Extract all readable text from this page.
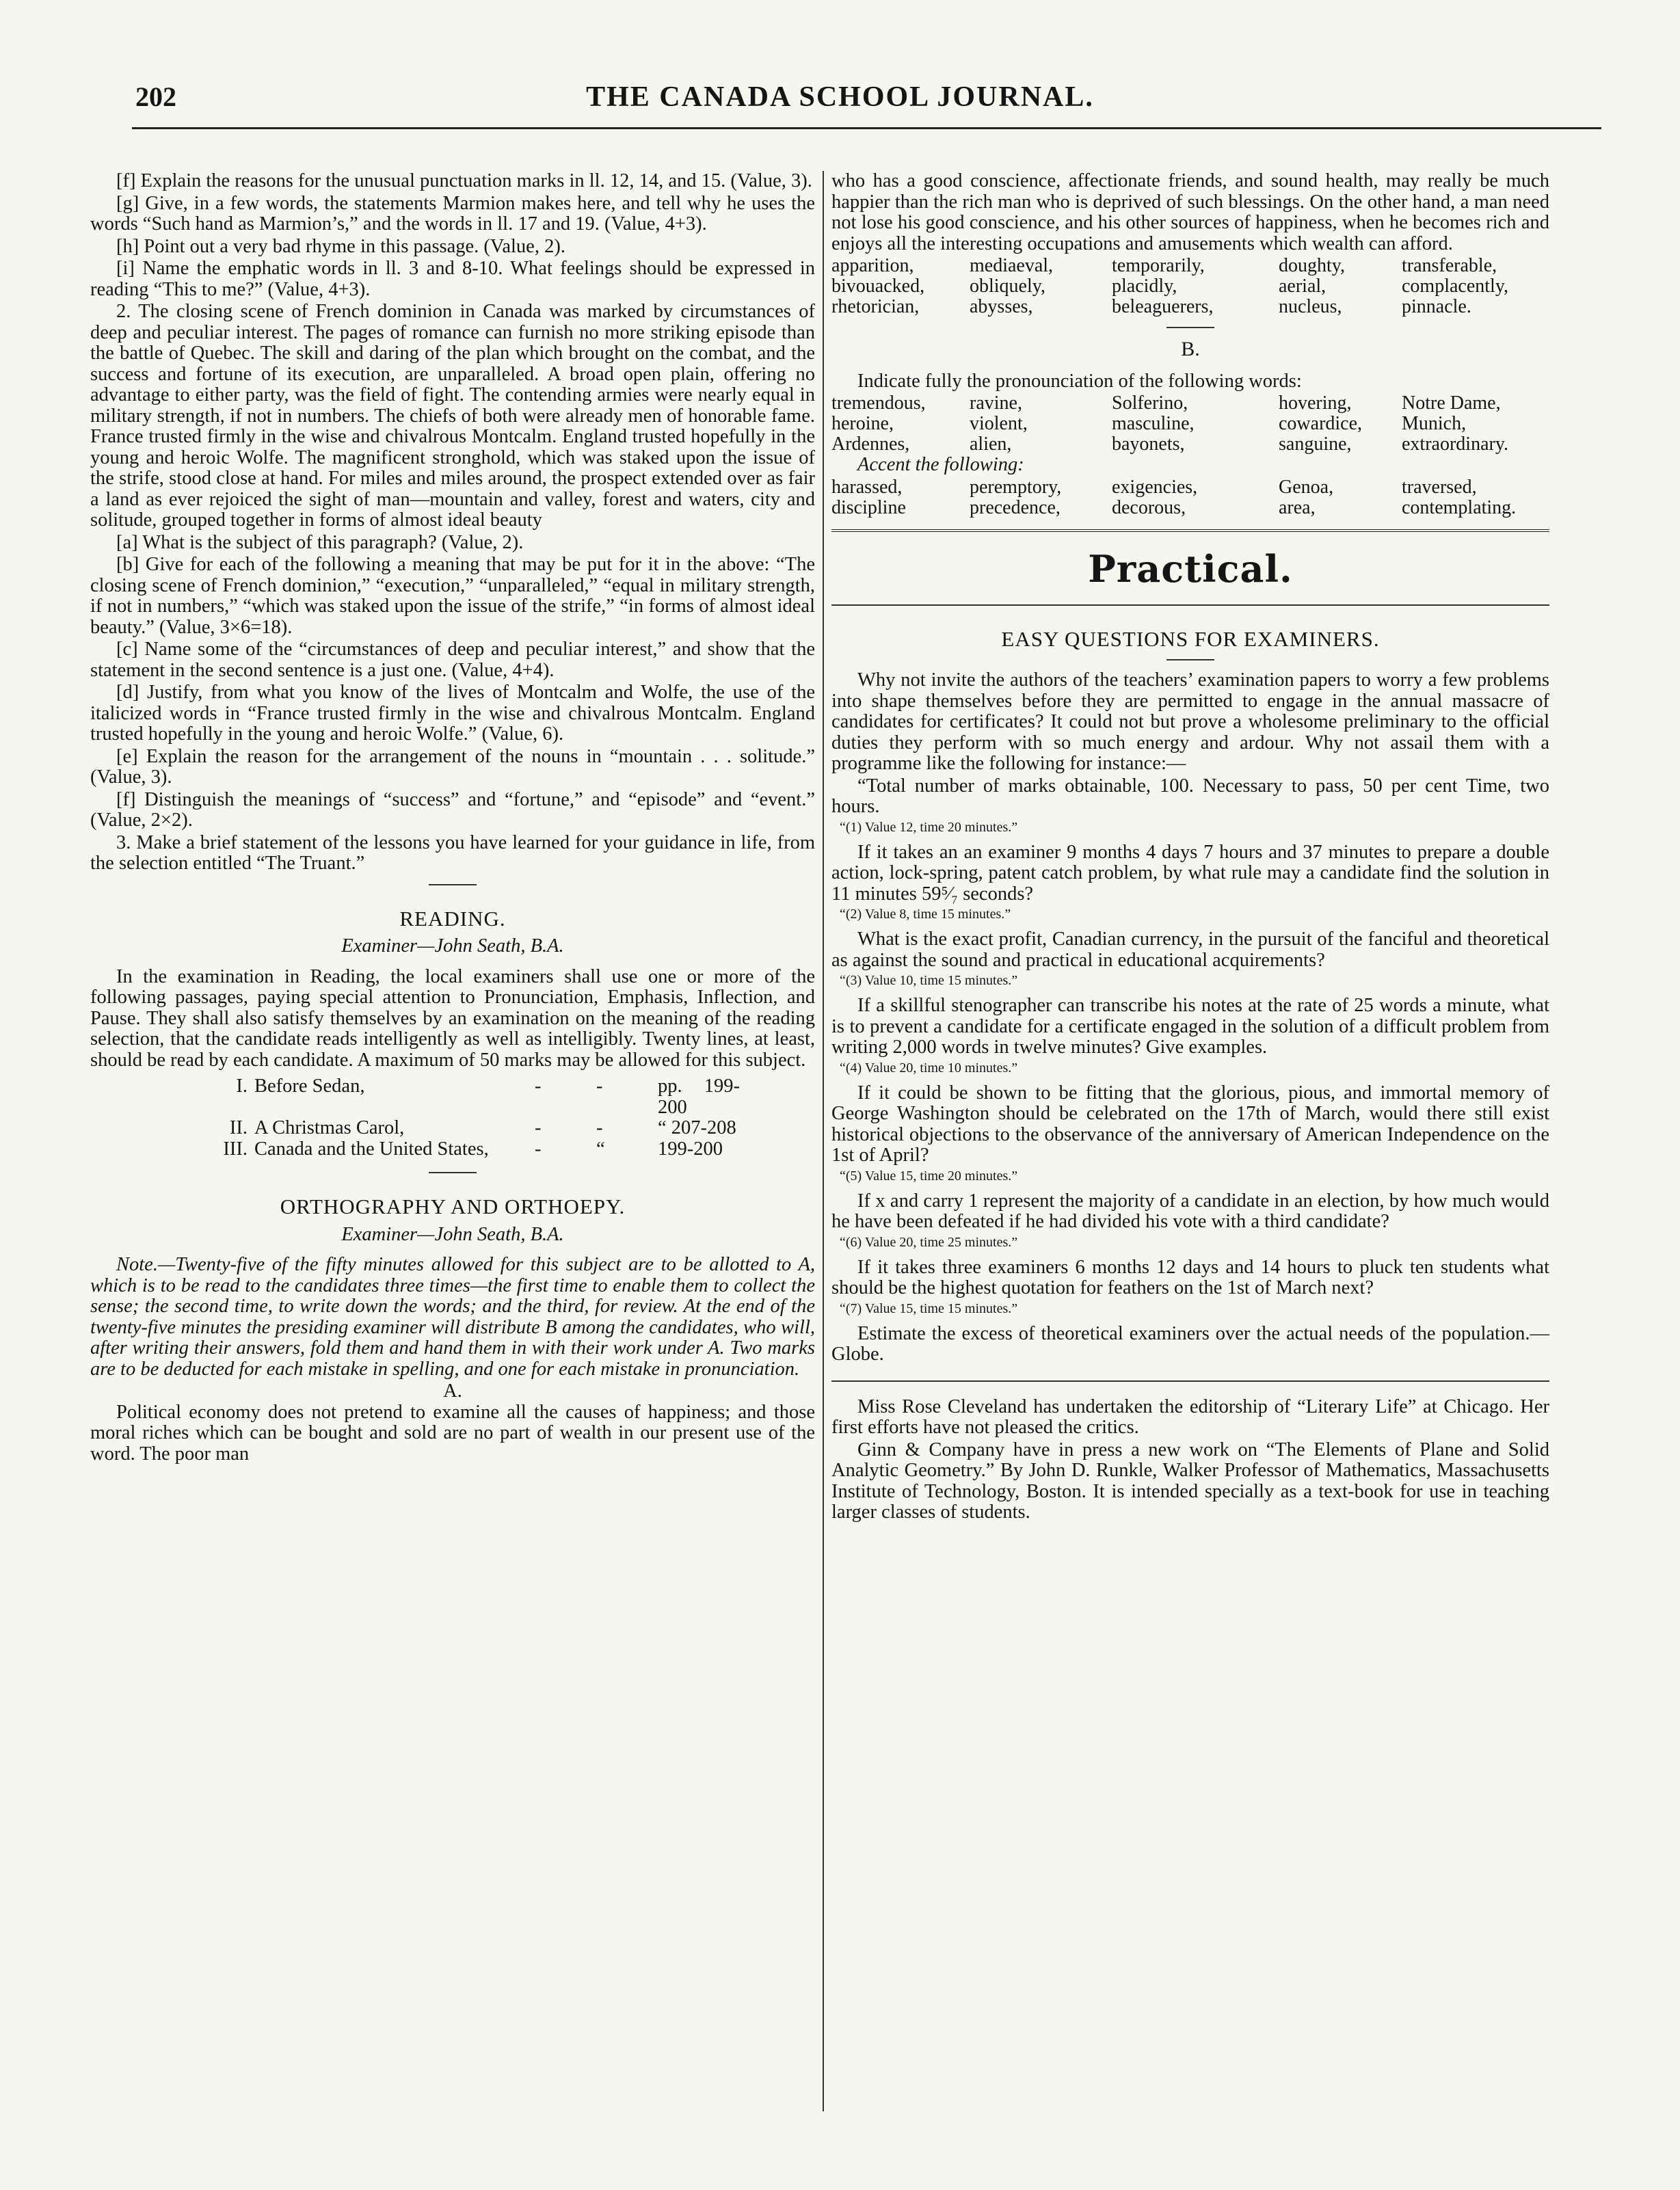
202	THE CANADA SCHOOL JOURNAL.

[f] Explain the reasons for the unusual punctuation marks in ll. 12, 14, and 15. (Value, 3).

[g] Give, in a few words, the statements Marmion makes here, and tell why he uses the words “Such hand as Marmion’s,” and the words in ll. 17 and 19. (Value, 4+3).

[h] Point out a very bad rhyme in this passage. (Value, 2).

[i] Name the emphatic words in ll. 3 and 8-10. What feelings should be expressed in reading “This to me?” (Value, 4+3).

2. The closing scene of French dominion in Canada was marked by circumstances of deep and peculiar interest. The pages of romance can furnish no more striking episode than the battle of Quebec. The skill and daring of the plan which brought on the combat, and the success and fortune of its execution, are unparalleled. A broad open plain, offering no advantage to either party, was the field of fight. The contending armies were nearly equal in military strength, if not in numbers. The chiefs of both were already men of honorable fame. France trusted firmly in the wise and chivalrous Montcalm. England trusted hopefully in the young and heroic Wolfe. The magnificent stronghold, which was staked upon the issue of the strife, stood close at hand. For miles and miles around, the prospect extended over as fair a land as ever rejoiced the sight of man—mountain and valley, forest and waters, city and solitude, grouped together in forms of almost ideal beauty

[a] What is the subject of this paragraph? (Value, 2).

[b] Give for each of the following a meaning that may be put for it in the above: “The closing scene of French dominion,” “execution,” “unparalleled,” “equal in military strength, if not in numbers,” “which was staked upon the issue of the strife,” “in forms of almost ideal beauty.” (Value, 3×6=18).

[c] Name some of the “circumstances of deep and peculiar interest,” and show that the statement in the second sentence is a just one. (Value, 4+4).

[d] Justify, from what you know of the lives of Montcalm and Wolfe, the use of the italicized words in “France trusted firmly in the wise and chivalrous Montcalm. England trusted hopefully in the young and heroic Wolfe.” (Value, 6).

[e] Explain the reason for the arrangement of the nouns in “mountain . . . solitude.” (Value, 3).

[f] Distinguish the meanings of “success” and “fortune,” and “episode” and “event.” (Value, 2×2).

3. Make a brief statement of the lessons you have learned for your guidance in life, from the selection entitled “The Truant.”

READING.
Examiner—John Seath, B.A.

In the examination in Reading, the local examiners shall use one or more of the following passages, paying special attention to Pronunciation, Emphasis, Inflection, and Pause. They shall also satisfy themselves by an examination on the meaning of the reading selection, that the candidate reads intelligently as well as intelligibly. Twenty lines, at least, should be read by each candidate. A maximum of 50 marks may be allowed for this subject.

I. Before Sedan,	-	-	pp. 199-200
II. A Christmas Carol,	-	-	“ 207-208
III. Canada and the United States,	-	“	199-200
ORTHOGRAPHY AND ORTHOEPY.
Examiner—John Seath, B.A.

Note.—Twenty-five of the fifty minutes allowed for this subject are to be allotted to A, which is to be read to the candidates three times—the first time to enable them to collect the sense; the second time, to write down the words; and the third, for review. At the end of the twenty-five minutes the presiding examiner will distribute B among the candidates, who will, after writing their answers, fold them and hand them in with their work under A. Two marks are to be deducted for each mistake in spelling, and one for each mistake in pronunciation.

A.

Political economy does not pretend to examine all the causes of happiness; and those moral riches which can be bought and sold are no part of wealth in our present use of the word. The poor man

who has a good conscience, affectionate friends, and sound health, may really be much happier than the rich man who is deprived of such blessings. On the other hand, a man need not lose his good conscience, and his other sources of happiness, when he becomes rich and enjoys all the interesting occupations and amusements which wealth can afford.

apparition,	mediaeval,	temporarily,	doughty,	transferable,
bivouacked,	obliquely,	placidly,	aerial,	complacently,
rhetorician,	abysses,	beleaguerers,	nucleus,	pinnacle.
B.

Indicate fully the pronounciation of the following words:

tremendous,	ravine,	Solferino,	hovering,	Notre Dame,
heroine,	violent,	masculine,	cowardice,	Munich,
Ardennes,	alien,	bayonets,	sanguine,	extraordinary.

Accent the following:

harassed,	peremptory,	exigencies,	Genoa,	traversed,
discipline	precedence,	decorous,	area,	contemplating.
Practical.
EASY QUESTIONS FOR EXAMINERS.

Why not invite the authors of the teachers’ examination papers to worry a few problems into shape themselves before they are permitted to engage in the annual massacre of candidates for certificates? It could not but prove a wholesome preliminary to the official duties they perform with so much energy and ardour. Why not assail them with a programme like the following for instance:—

“Total number of marks obtainable, 100. Necessary to pass, 50 per cent Time, two hours.

“(1) Value 12, time 20 minutes.”

If it takes an an examiner 9 months 4 days 7 hours and 37 minutes to prepare a double action, lock-spring, patent catch problem, by what rule may a candidate find the solution in 11 minutes 59⁵⁄₇ seconds?

“(2) Value 8, time 15 minutes.”

What is the exact profit, Canadian currency, in the pursuit of the fanciful and theoretical as against the sound and practical in educational acquirements?

“(3) Value 10, time 15 minutes.”

If a skillful stenographer can transcribe his notes at the rate of 25 words a minute, what is to prevent a candidate for a certificate engaged in the solution of a difficult problem from writing 2,000 words in twelve minutes? Give examples.

“(4) Value 20, time 10 minutes.”

If it could be shown to be fitting that the glorious, pious, and immortal memory of George Washington should be celebrated on the 17th of March, would there still exist historical objections to the observance of the anniversary of American Independence on the 1st of April?

“(5) Value 15, time 20 minutes.”

If x and carry 1 represent the majority of a candidate in an election, by how much would he have been defeated if he had divided his vote with a third candidate?

“(6) Value 20, time 25 minutes.”

If it takes three examiners 6 months 12 days and 14 hours to pluck ten students what should be the highest quotation for feathers on the 1st of March next?

“(7) Value 15, time 15 minutes.”

Estimate the excess of theoretical examiners over the actual needs of the population.—Globe.

Miss Rose Cleveland has undertaken the editorship of “Literary Life” at Chicago. Her first efforts have not pleased the critics.

Ginn & Company have in press a new work on “The Elements of Plane and Solid Analytic Geometry.” By John D. Runkle, Walker Professor of Mathematics, Massachusetts Institute of Technology, Boston. It is intended specially as a text-book for use in teaching larger classes of students.
